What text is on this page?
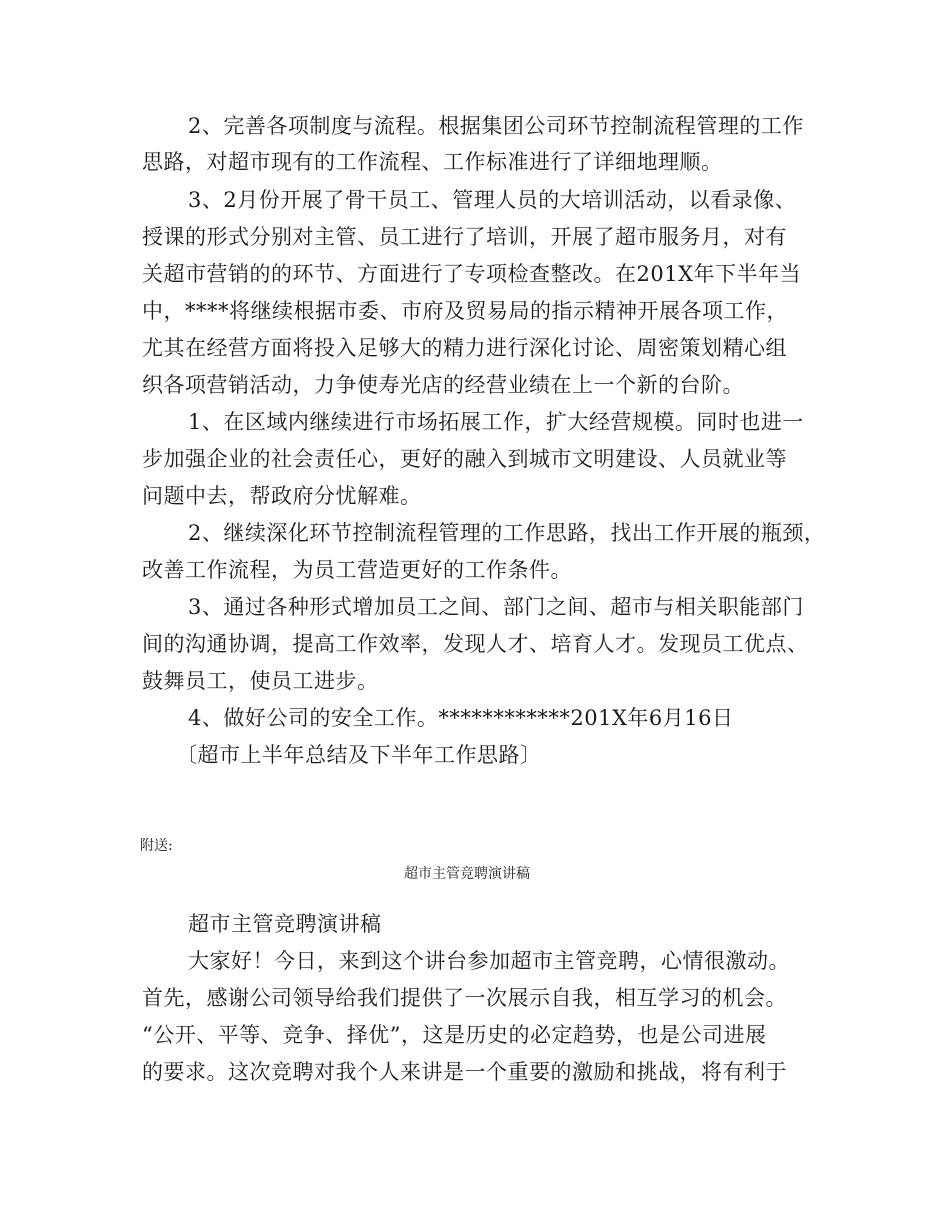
2、完善各项制度与流程。根据集团公司环节控制流程管理的工作
思路，对超市现有的工作流程、工作标准进行了详细地理顺。
3、2月份开展了骨干员工、管理人员的大培训活动，以看录像、
授课的形式分别对主管、员工进行了培训，开展了超市服务月，对有
关超市营销的的环节、方面进行了专项检查整改。在201X年下半年当
中，****将继续根据市委、市府及贸易局的指示精神开展各项工作，
尤其在经营方面将投入足够大的精力进行深化讨论、周密策划精心组
织各项营销活动，力争使寿光店的经营业绩在上一个新的台阶。
1、在区域内继续进行市场拓展工作，扩大经营规模。同时也进一
步加强企业的社会责任心，更好的融入到城市文明建设、人员就业等
问题中去，帮政府分忧解难。
2、继续深化环节控制流程管理的工作思路，找出工作开展的瓶颈，
改善工作流程，为员工营造更好的工作条件。
3、通过各种形式增加员工之间、部门之间、超市与相关职能部门
间的沟通协调，提高工作效率，发现人才、培育人才。发现员工优点、
鼓舞员工，使员工进步。
4、做好公司的安全工作。************201X年6月16日
〔超市上半年总结及下半年工作思路〕
附送:
超市主管竞聘演讲稿
超市主管竞聘演讲稿
大家好！今日，来到这个讲台参加超市主管竞聘，心情很激动。
首先，感谢公司领导给我们提供了一次展示自我，相互学习的机会。
“公开、平等、竞争、择优”，这是历史的必定趋势，也是公司进展
的要求。这次竞聘对我个人来讲是一个重要的激励和挑战，将有利于
